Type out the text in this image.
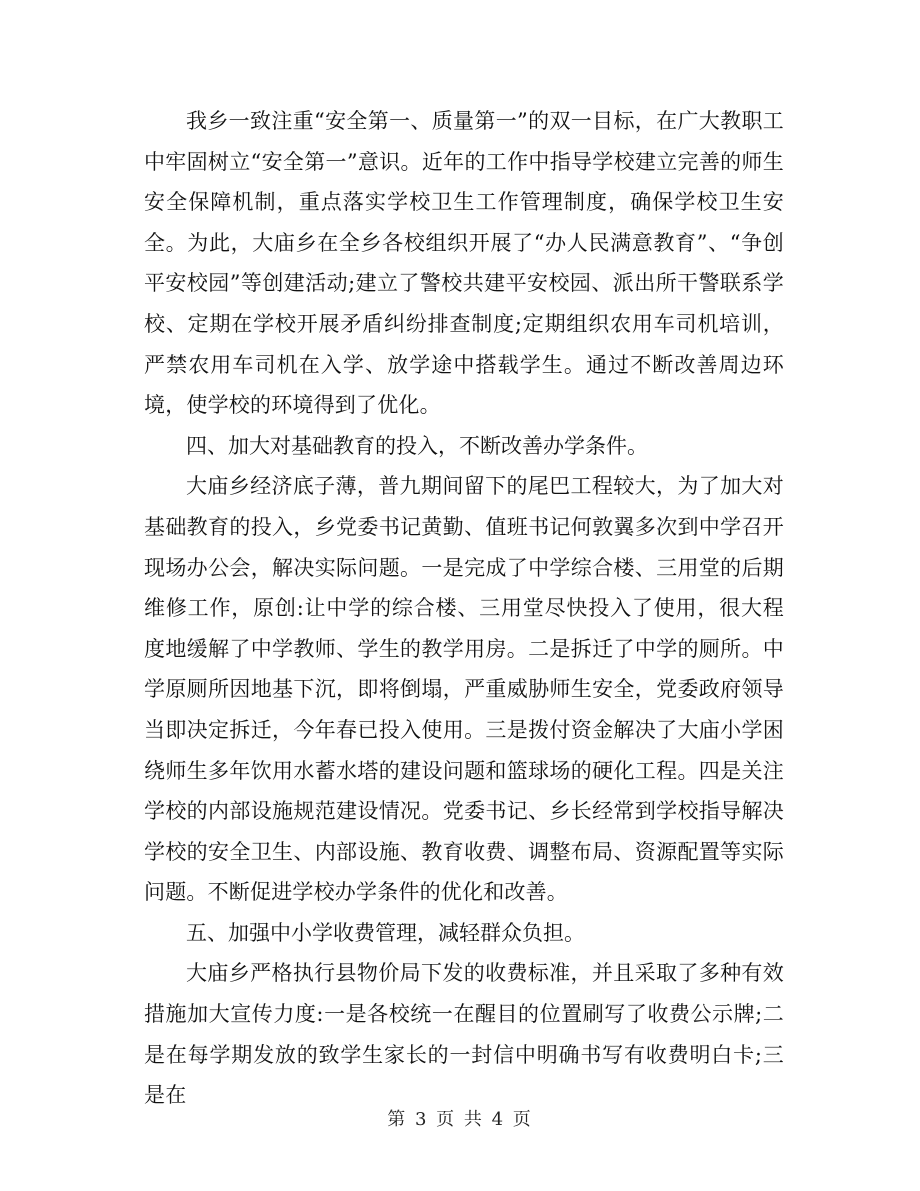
我乡一致注重“安全第一、质量第一”的双一目标，在广大教职工中牢固树立“安全第一”意识。近年的工作中指导学校建立完善的师生安全保障机制，重点落实学校卫生工作管理制度，确保学校卫生安全。为此，大庙乡在全乡各校组织开展了“办人民满意教育”、“争创平安校园”等创建活动;建立了警校共建平安校园、派出所干警联系学校、定期在学校开展矛盾纠纷排查制度;定期组织农用车司机培训，严禁农用车司机在入学、放学途中搭载学生。通过不断改善周边环境，使学校的环境得到了优化。

四、加大对基础教育的投入，不断改善办学条件。

大庙乡经济底子薄，普九期间留下的尾巴工程较大，为了加大对基础教育的投入，乡党委书记黄勤、值班书记何敦翼多次到中学召开现场办公会，解决实际问题。一是完成了中学综合楼、三用堂的后期维修工作，原创:让中学的综合楼、三用堂尽快投入了使用，很大程度地缓解了中学教师、学生的教学用房。二是拆迁了中学的厕所。中学原厕所因地基下沉，即将倒塌，严重威胁师生安全，党委政府领导当即决定拆迁，今年春已投入使用。三是拨付资金解决了大庙小学困绕师生多年饮用水蓄水塔的建设问题和篮球场的硬化工程。四是关注学校的内部设施规范建设情况。党委书记、乡长经常到学校指导解决学校的安全卫生、内部设施、教育收费、调整布局、资源配置等实际问题。不断促进学校办学条件的优化和改善。

五、加强中小学收费管理，减轻群众负担。

大庙乡严格执行县物价局下发的收费标准，并且采取了多种有效措施加大宣传力度:一是各校统一在醒目的位置刷写了收费公示牌;二是在每学期发放的致学生家长的一封信中明确书写有收费明白卡;三是在

第 3 页 共 4 页
